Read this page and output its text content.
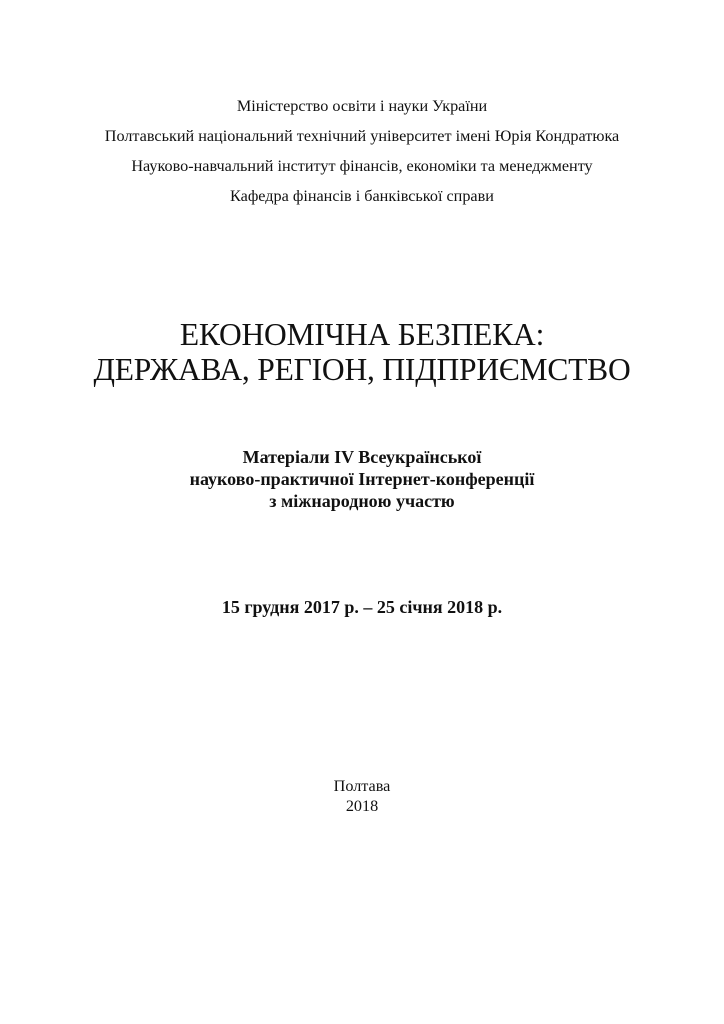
Міністерство освіти і науки України
Полтавський національний технічний університет імені Юрія Кондратюка
Науково-навчальний інститут фінансів, економіки та менеджменту
Кафедра фінансів і банківської справи
ЕКОНОМІЧНА БЕЗПЕКА:
ДЕРЖАВА, РЕГІОН, ПІДПРИЄМСТВО
Матеріали IV Всеукраїнської
науково-практичної Інтернет-конференції
з міжнародною участю
15 грудня 2017 р. – 25 січня 2018 р.
Полтава
2018
